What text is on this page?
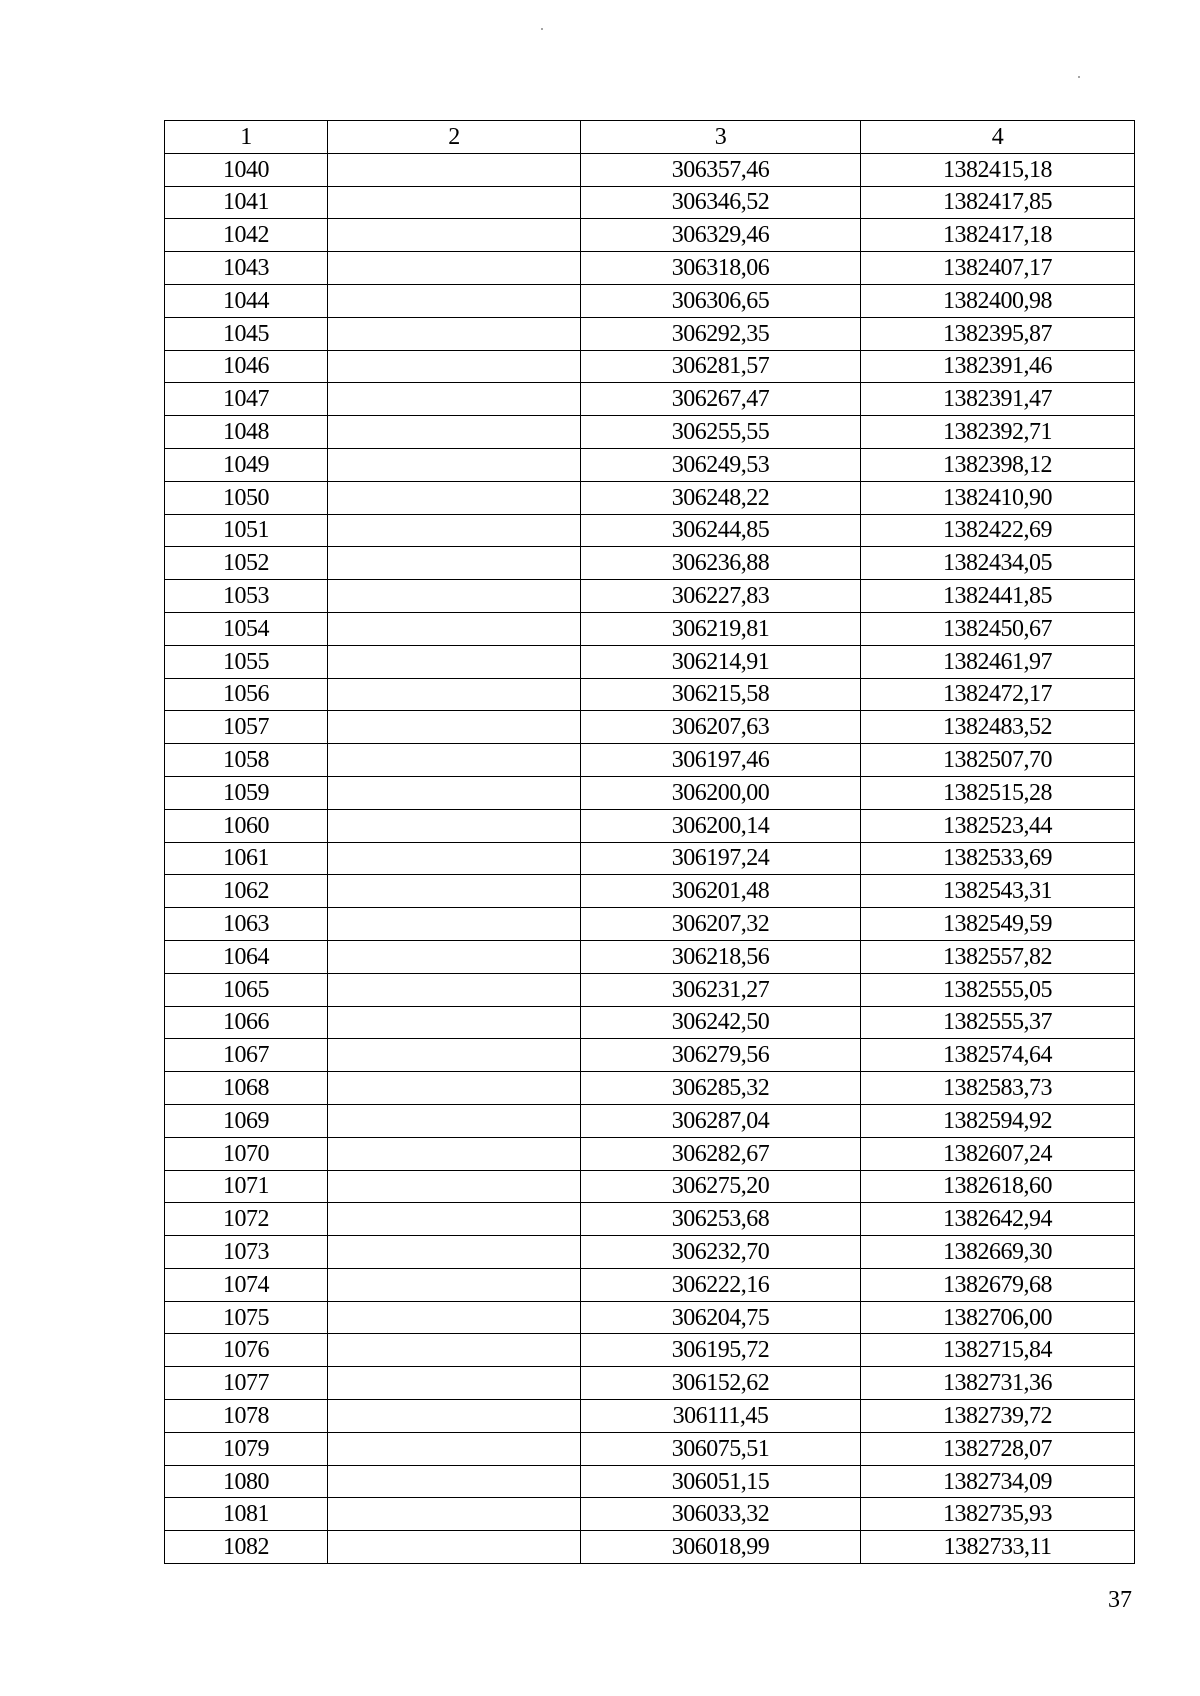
1	2	3	4
1040		306357,46	1382415,18
1041		306346,52	1382417,85
1042		306329,46	1382417,18
1043		306318,06	1382407,17
1044		306306,65	1382400,98
1045		306292,35	1382395,87
1046		306281,57	1382391,46
1047		306267,47	1382391,47
1048		306255,55	1382392,71
1049		306249,53	1382398,12
1050		306248,22	1382410,90
1051		306244,85	1382422,69
1052		306236,88	1382434,05
1053		306227,83	1382441,85
1054		306219,81	1382450,67
1055		306214,91	1382461,97
1056		306215,58	1382472,17
1057		306207,63	1382483,52
1058		306197,46	1382507,70
1059		306200,00	1382515,28
1060		306200,14	1382523,44
1061		306197,24	1382533,69
1062		306201,48	1382543,31
1063		306207,32	1382549,59
1064		306218,56	1382557,82
1065		306231,27	1382555,05
1066		306242,50	1382555,37
1067		306279,56	1382574,64
1068		306285,32	1382583,73
1069		306287,04	1382594,92
1070		306282,67	1382607,24
1071		306275,20	1382618,60
1072		306253,68	1382642,94
1073		306232,70	1382669,30
1074		306222,16	1382679,68
1075		306204,75	1382706,00
1076		306195,72	1382715,84
1077		306152,62	1382731,36
1078		306111,45	1382739,72
1079		306075,51	1382728,07
1080		306051,15	1382734,09
1081		306033,32	1382735,93
1082		306018,99	1382733,11
37
